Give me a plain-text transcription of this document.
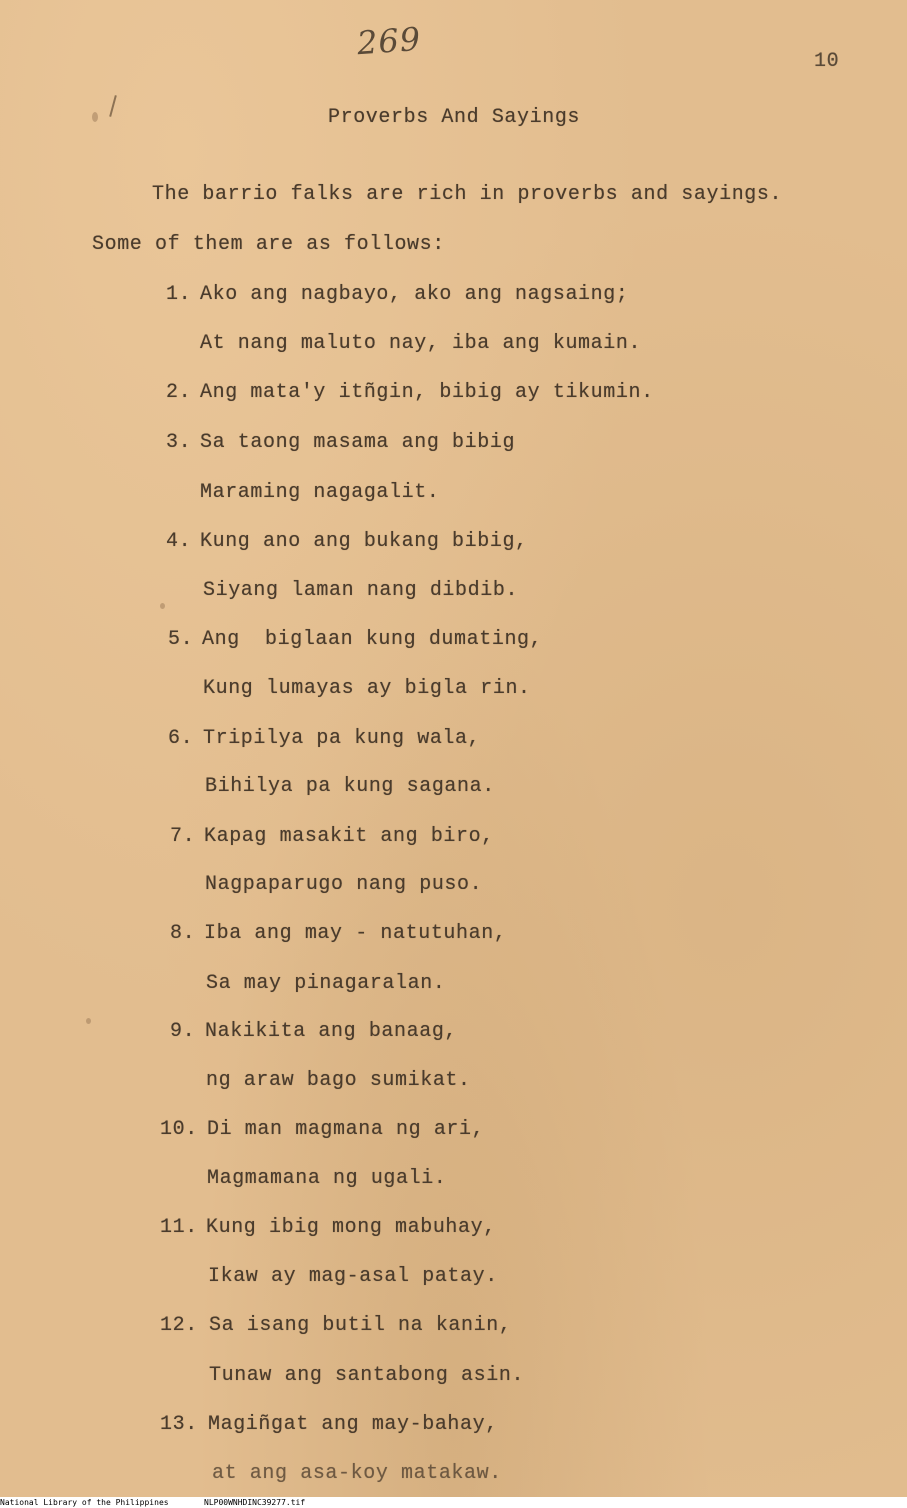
269	10
Proverbs And Sayings
The barrio falks are rich in proverbs and sayings.
Some of them are as follows:
1. Ako ang nagbayo, ako ang nagsaing;
At nang maluto nay, iba ang kumain.
2. Ang mata'y itñgin, bibig ay tikumin.
3. Sa taong masama ang bibig
Maraming nagagalit.
4. Kung ano ang bukang bibig,
Siyang laman nang dibdib.
5. Ang  biglaan kung dumating,
Kung lumayas ay bigla rin.
6. Tripilya pa kung wala,
Bihilya pa kung sagana.
7. Kapag masakit ang biro,
Nagpaparugo nang puso.
8. Iba ang may - natutuhan,
Sa may pinagaralan.
9. Nakikita ang banaag,
ng araw bago sumikat.
10. Di man magmana ng ari,
Magmamana ng ugali.
11. Kung ibig mong mabuhay,
Ikaw ay mag-asal patay.
12. Sa isang butil na kanin,
Tunaw ang santabong asin.
13. Magiñgat ang may-bahay,
at ang asa-koy matakaw.
National Library of the Philippines	NLP00WNHDINC39277.tif
